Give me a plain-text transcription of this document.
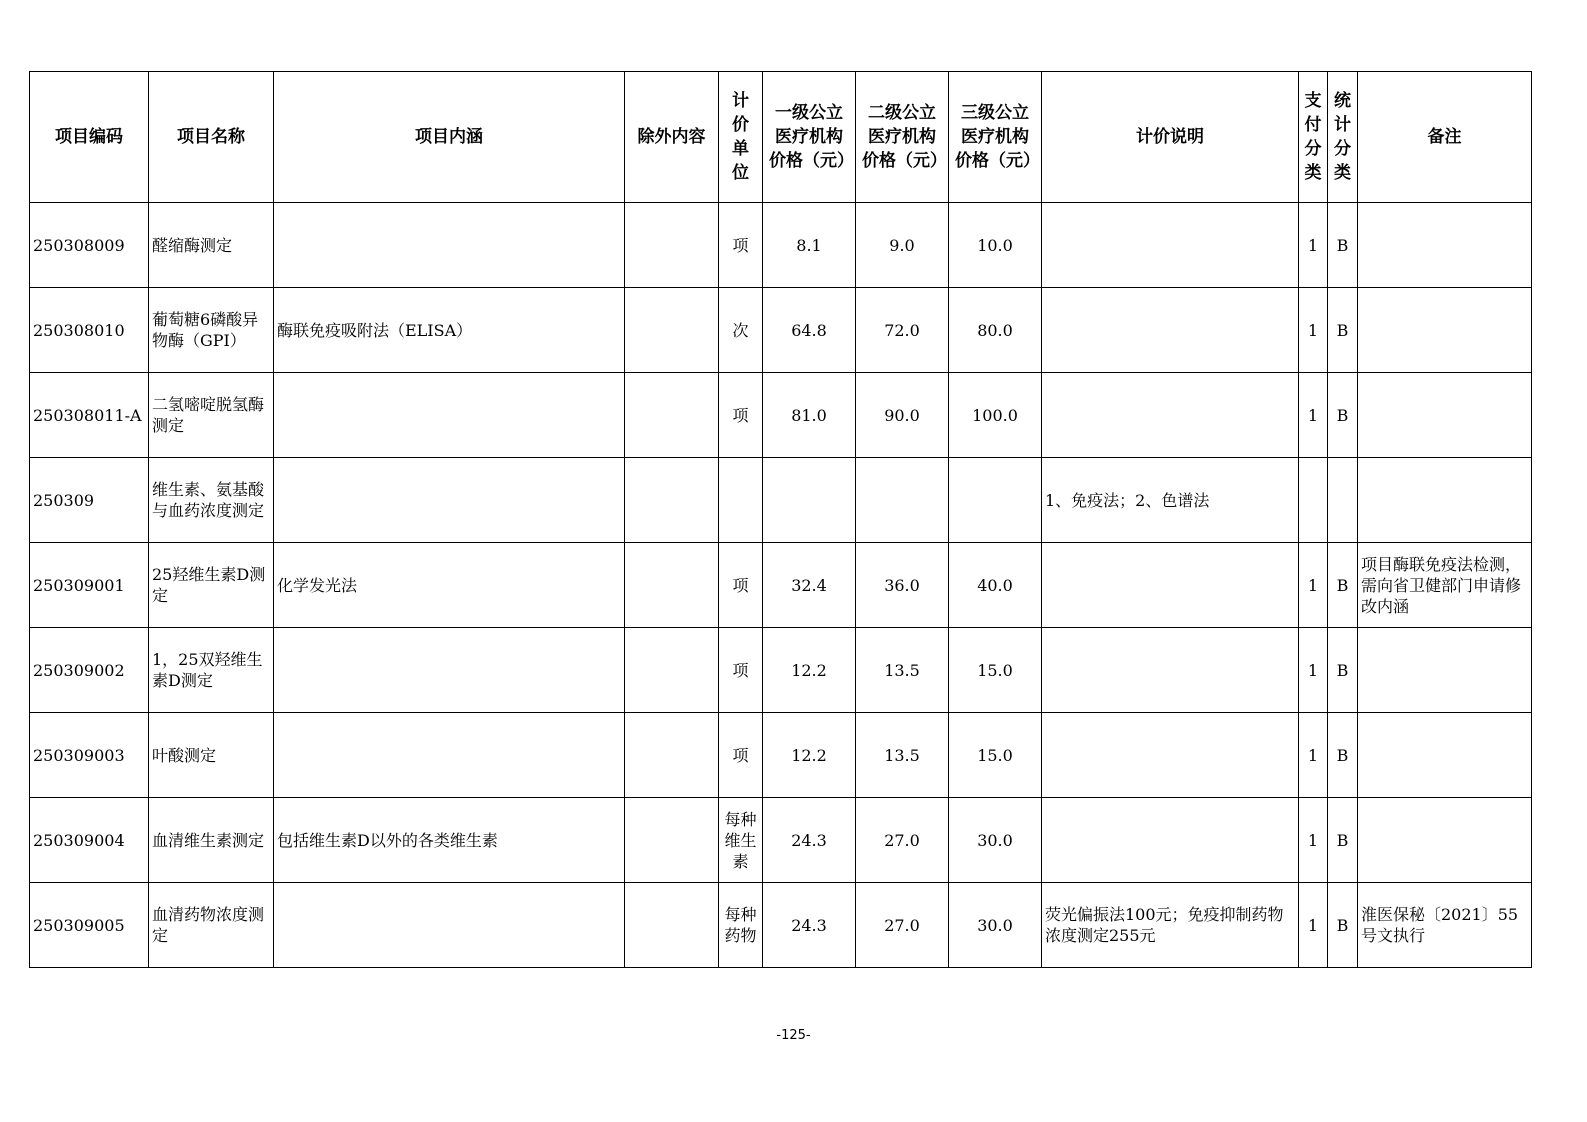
项目编码	项目名称	项目内涵	除外内容	计价单位	一级公立医疗机构价格（元）	二级公立医疗机构价格（元）	三级公立医疗机构价格（元）	计价说明	支付分类	统计分类	备注
250308009	醛缩酶测定			项	8.1	9.0	10.0		1	B	
250308010	葡萄糖6磷酸异物酶（GPI）	酶联免疫吸附法（ELISA）		次	64.8	72.0	80.0		1	B	
250308011-A	二氢嘧啶脱氢酶测定			项	81.0	90.0	100.0		1	B	
250309	维生素、氨基酸与血药浓度测定							1、免疫法；2、色谱法			
250309001	25羟维生素D测定	化学发光法		项	32.4	36.0	40.0		1	B	项目酶联免疫法检测，需向省卫健部门申请修改内涵
250309002	1，25双羟维生素D测定			项	12.2	13.5	15.0		1	B	
250309003	叶酸测定			项	12.2	13.5	15.0		1	B	
250309004	血清维生素测定	包括维生素D以外的各类维生素		每种维生素	24.3	27.0	30.0		1	B	
250309005	血清药物浓度测定			每种药物	24.3	27.0	30.0	荧光偏振法100元；免疫抑制药物浓度测定255元	1	B	淮医保秘〔2021〕55号文执行
-125-
